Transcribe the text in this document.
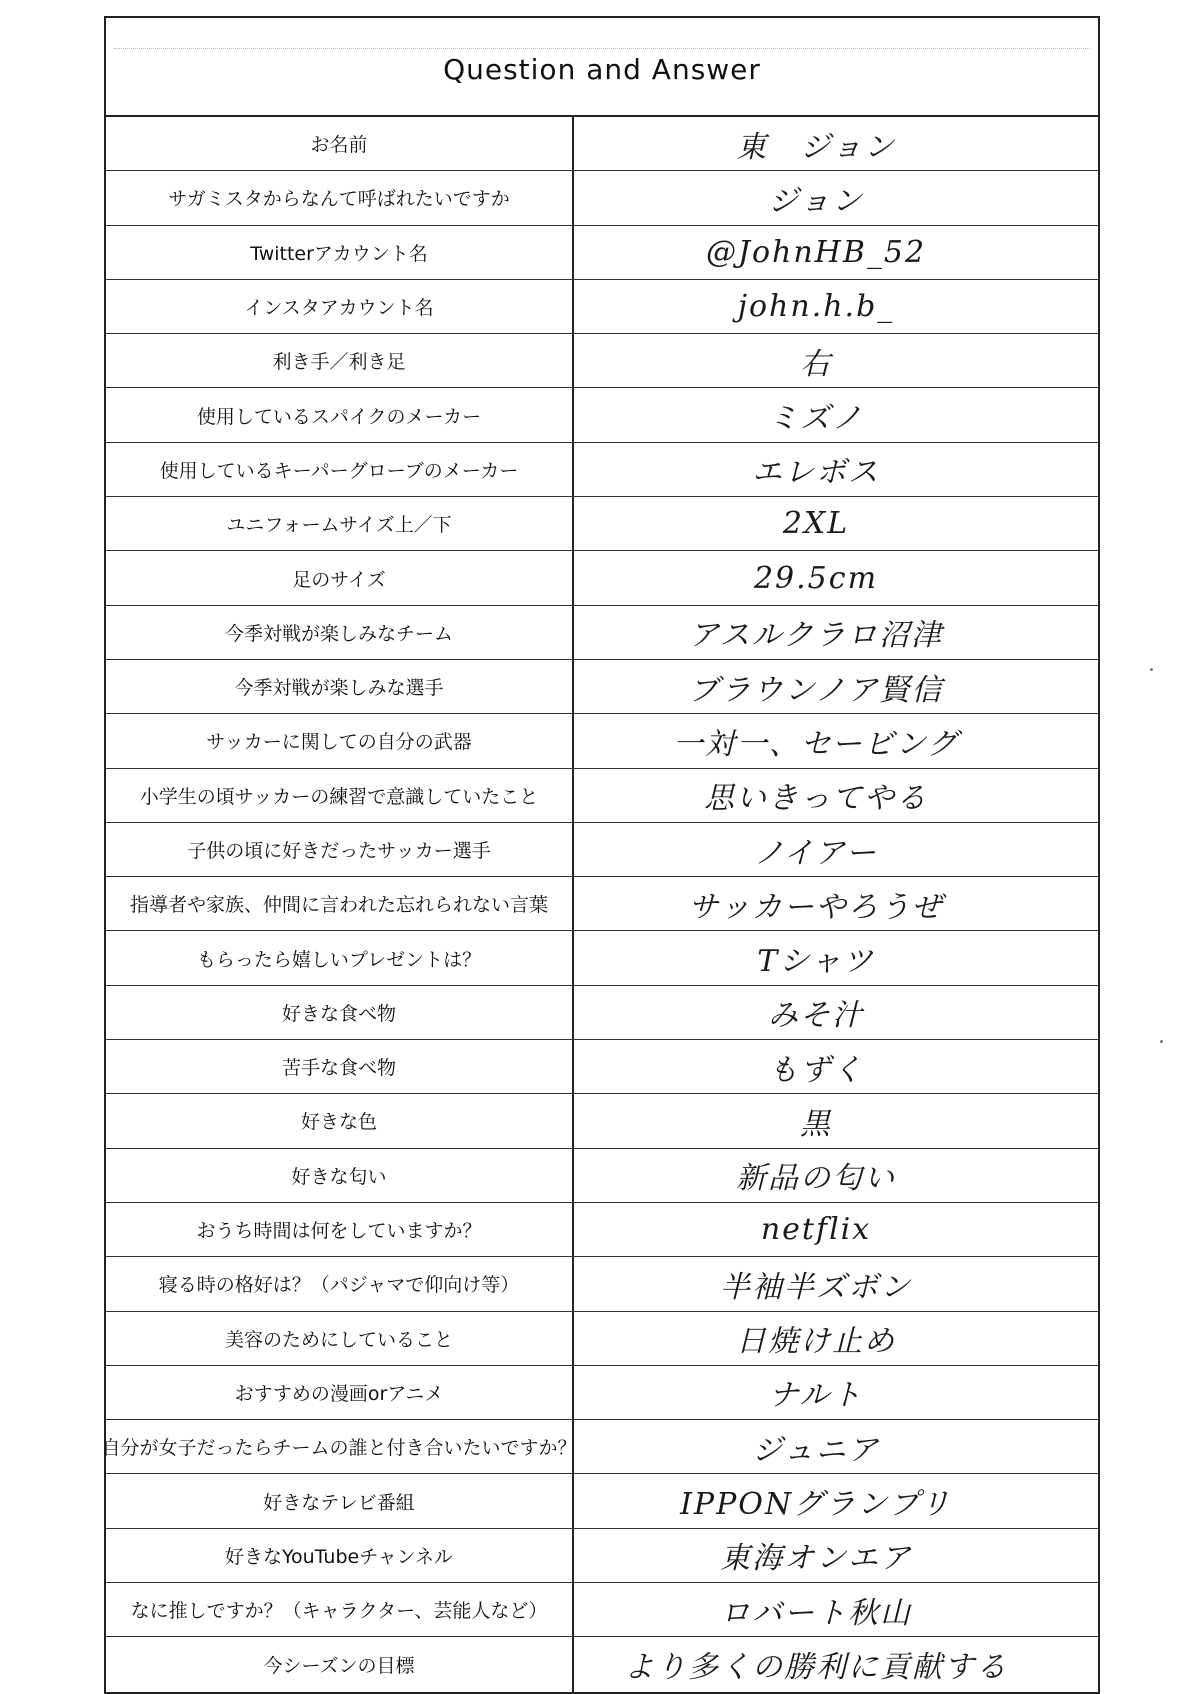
Question and Answer
お名前	東　ジョン
サガミスタからなんて呼ばれたいですか	ジョン
Twitterアカウント名	@JohnHB_52
インスタアカウント名	john.h.b_
利き手／利き足	右
使用しているスパイクのメーカー	ミズノ
使用しているキーパーグローブのメーカー	エレボス
ユニフォームサイズ上／下	2XL
足のサイズ	29.5cm
今季対戦が楽しみなチーム	アスルクラロ沼津
今季対戦が楽しみな選手	ブラウンノア賢信
サッカーに関しての自分の武器	一対一、セービング
小学生の頃サッカーの練習で意識していたこと	思いきってやる
子供の頃に好きだったサッカー選手	ノイアー
指導者や家族、仲間に言われた忘れられない言葉	サッカーやろうぜ
もらったら嬉しいプレゼントは？	Tシャツ
好きな食べ物	みそ汁
苦手な食べ物	もずく
好きな色	黒
好きな匂い	新品の匂い
おうち時間は何をしていますか？	netflix
寝る時の格好は？（パジャマで仰向け等）	半袖半ズボン
美容のためにしていること	日焼け止め
おすすめの漫画orアニメ	ナルト
自分が女子だったらチームの誰と付き合いたいですか？	ジュニア
好きなテレビ番組	IPPONグランプリ
好きなYouTubeチャンネル	東海オンエア
なに推しですか？（キャラクター、芸能人など）	ロバート秋山
今シーズンの目標	より多くの勝利に貢献する
